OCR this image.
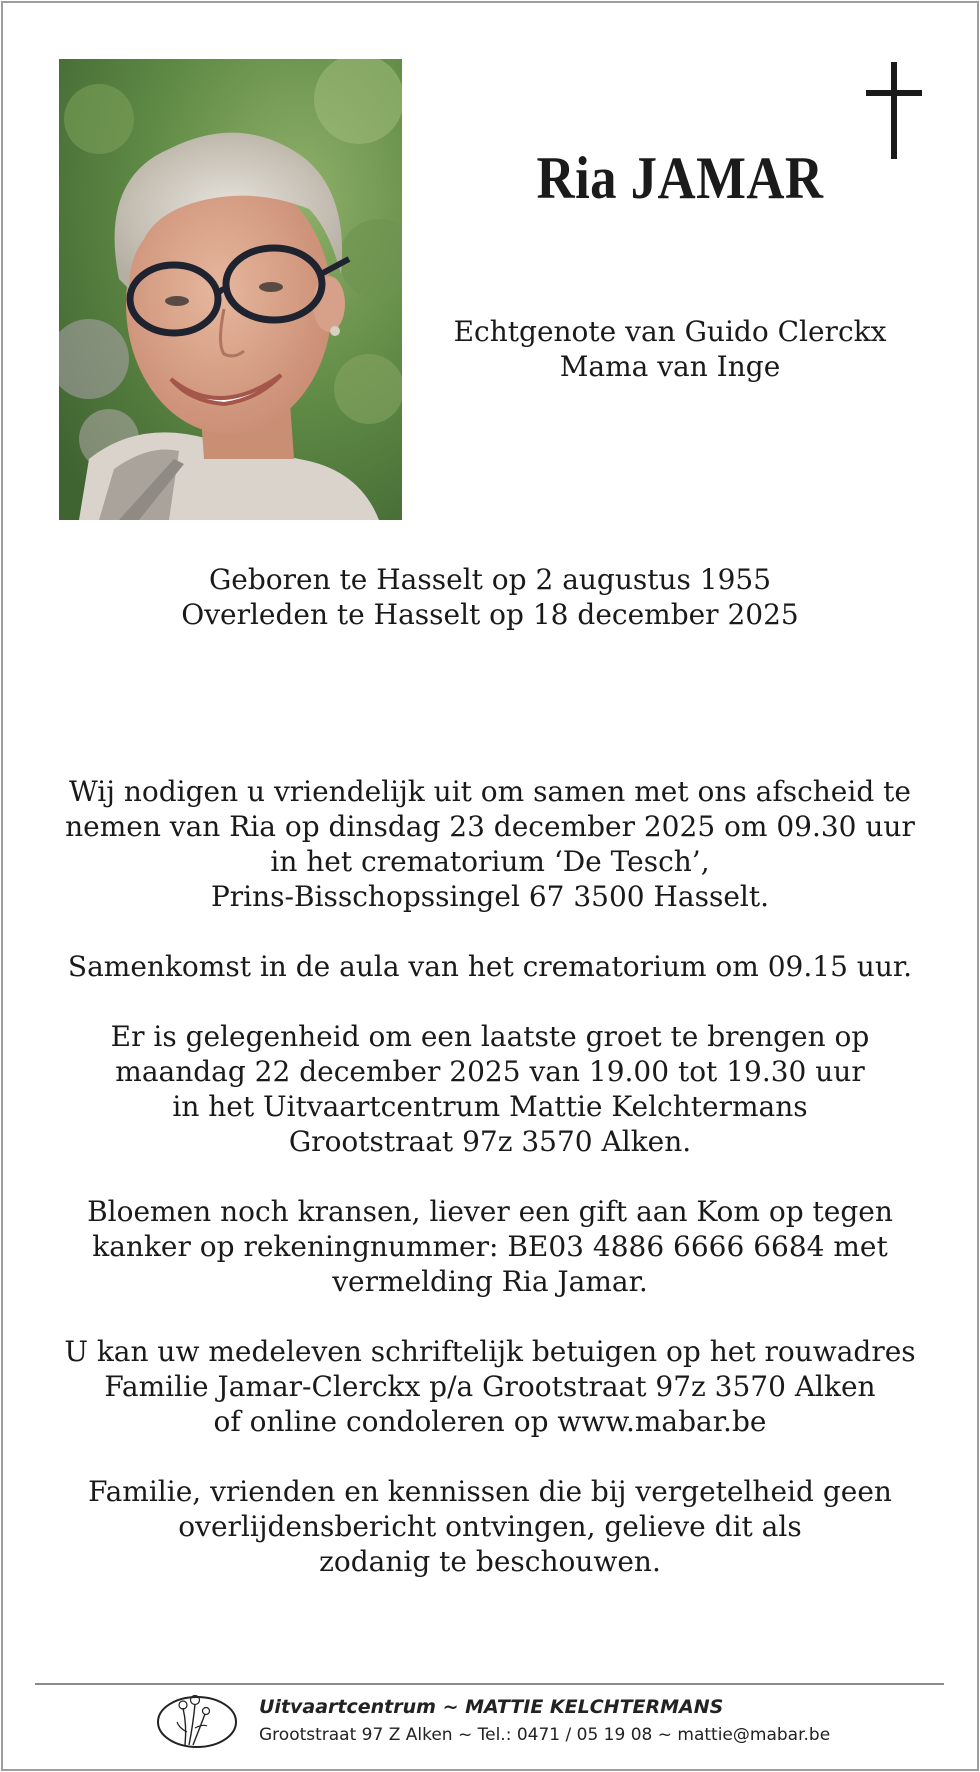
Ria JAMAR
Echtgenote van Guido Clerckx
Mama van Inge
Geboren te Hasselt op 2 augustus 1955
Overleden te Hasselt op 18 december 2025
Wij nodigen u vriendelijk uit om samen met ons afscheid te
nemen van Ria op dinsdag 23 december 2025 om 09.30 uur
in het crematorium ‘De Tesch’,
Prins-Bisschopssingel 67 3500 Hasselt.
Samenkomst in de aula van het crematorium om 09.15 uur.
Er is gelegenheid om een laatste groet te brengen op
maandag 22 december 2025 van 19.00 tot 19.30 uur
in het Uitvaartcentrum Mattie Kelchtermans
Grootstraat 97z 3570 Alken.
Bloemen noch kransen, liever een gift aan Kom op tegen
kanker op rekeningnummer: BE03 4886 6666 6684 met
vermelding Ria Jamar.
U kan uw medeleven schriftelijk betuigen op het rouwadres
Familie Jamar-Clerckx p/a Grootstraat 97z 3570 Alken
of online condoleren op www.mabar.be
Familie, vrienden en kennissen die bij vergetelheid geen
overlijdensbericht ontvingen, gelieve dit als
zodanig te beschouwen.
Uitvaartcentrum ~ MATTIE KELCHTERMANS
Grootstraat 97 Z Alken ~ Tel.: 0471 / 05 19 08 ~ mattie@mabar.be
